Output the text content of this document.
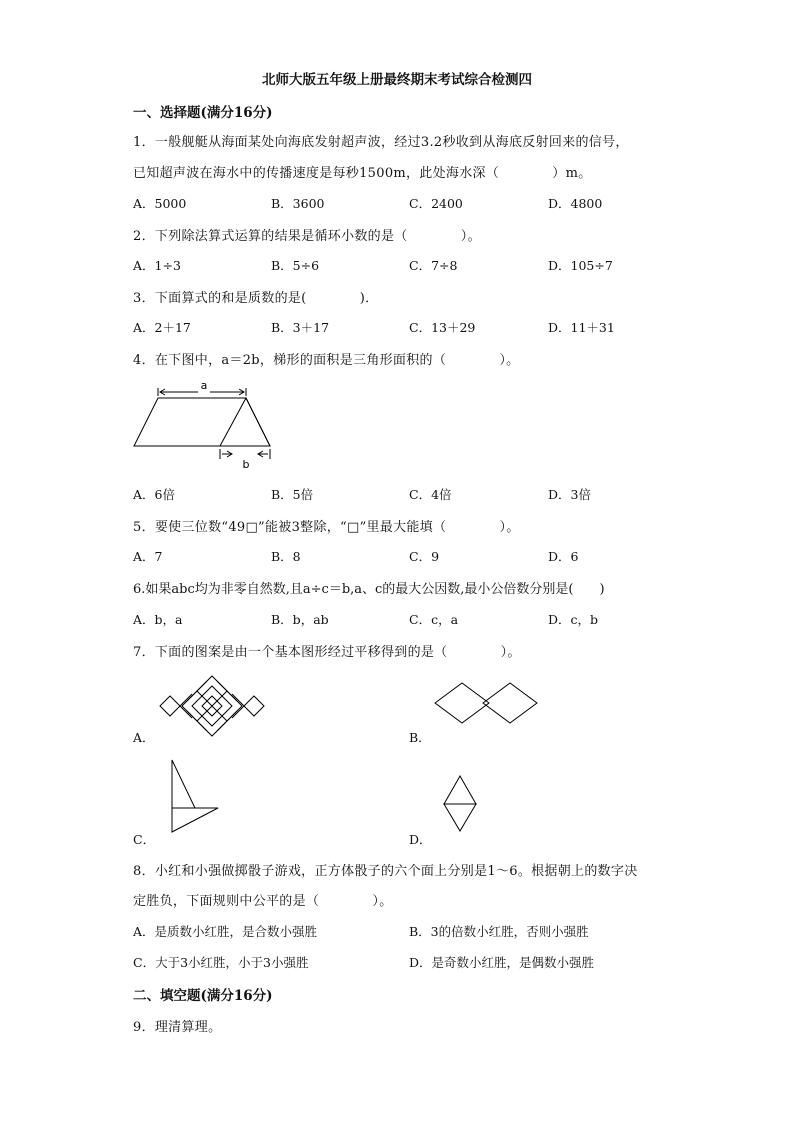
北师大版五年级上册最终期末考试综合检测四
一、选择题(满分16分)
1．一般舰艇从海面某处向海底发射超声波，经过3.2秒收到从海底反射回来的信号，
已知超声波在海水中的传播速度是每秒1500m，此处海水深（　　　　）m。
A．5000	B．3600	C．2400	D．4800
2．下列除法算式运算的结果是循环小数的是（　　　　）。
A．1÷3	B．5÷6	C．7÷8	D．105÷7
3．下面算式的和是质数的是(　　　　)．
A．2＋17	B．3＋17	C．13＋29	D．11＋31
4．在下图中，a＝2b，梯形的面积是三角形面积的（　　　　）。
a
b
A．6倍	B．5倍	C．4倍	D．3倍
5．要使三位数“49□”能被3整除，“□”里最大能填（　　　　）。
A．7	B．8	C．9	D．6
6.如果abc均为非零自然数,且a÷c＝b,a、c的最大公因数,最小公倍数分别是(　　)
A．b，a	B．b，ab	C．c，a	D．c，b
7．下面的图案是由一个基本图形经过平移得到的是（　　　　）。
A．	B．
C．	D．
8．小红和小强做掷骰子游戏，正方体骰子的六个面上分别是1～6。根据朝上的数字决
定胜负，下面规则中公平的是（　　　　）。
A．是质数小红胜，是合数小强胜	B．3的倍数小红胜，否则小强胜
C．大于3小红胜，小于3小强胜	D．是奇数小红胜，是偶数小强胜
二、填空题(满分16分)
9．理清算理。
